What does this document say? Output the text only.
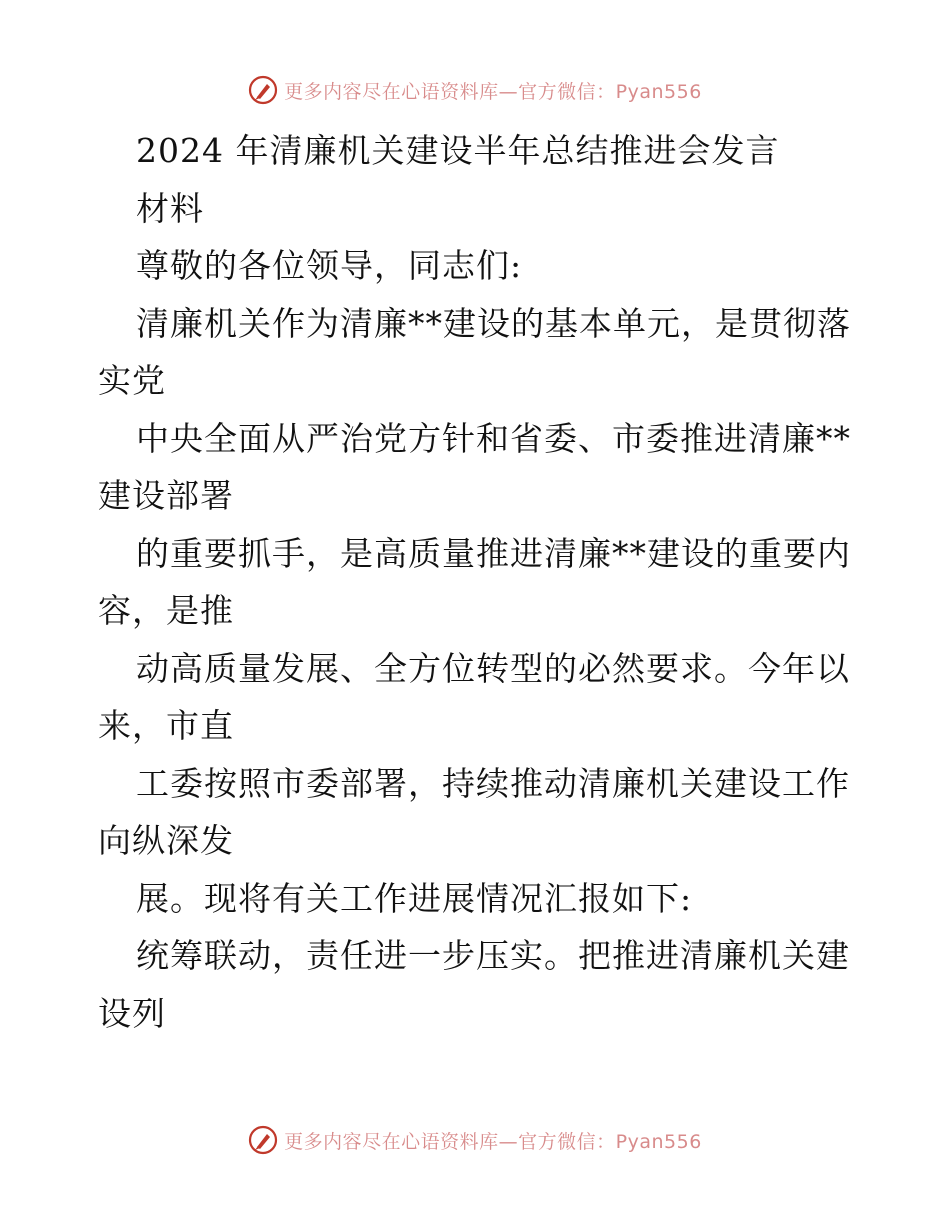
更多内容尽在心语资料库—官方微信：Pyan556
2024 年清廉机关建设半年总结推进会发言
材料
尊敬的各位领导，同志们:
清廉机关作为清廉**建设的基本单元，是贯彻落
实党
中央全面从严治党方针和省委、市委推进清廉**
建设部署
的重要抓手，是高质量推进清廉**建设的重要内
容，是推
动高质量发展、全方位转型的必然要求。今年以
来，市直
工委按照市委部署，持续推动清廉机关建设工作
向纵深发
展。现将有关工作进展情况汇报如下:
统筹联动，责任进一步压实。把推进清廉机关建
设列
更多内容尽在心语资料库—官方微信：Pyan556
